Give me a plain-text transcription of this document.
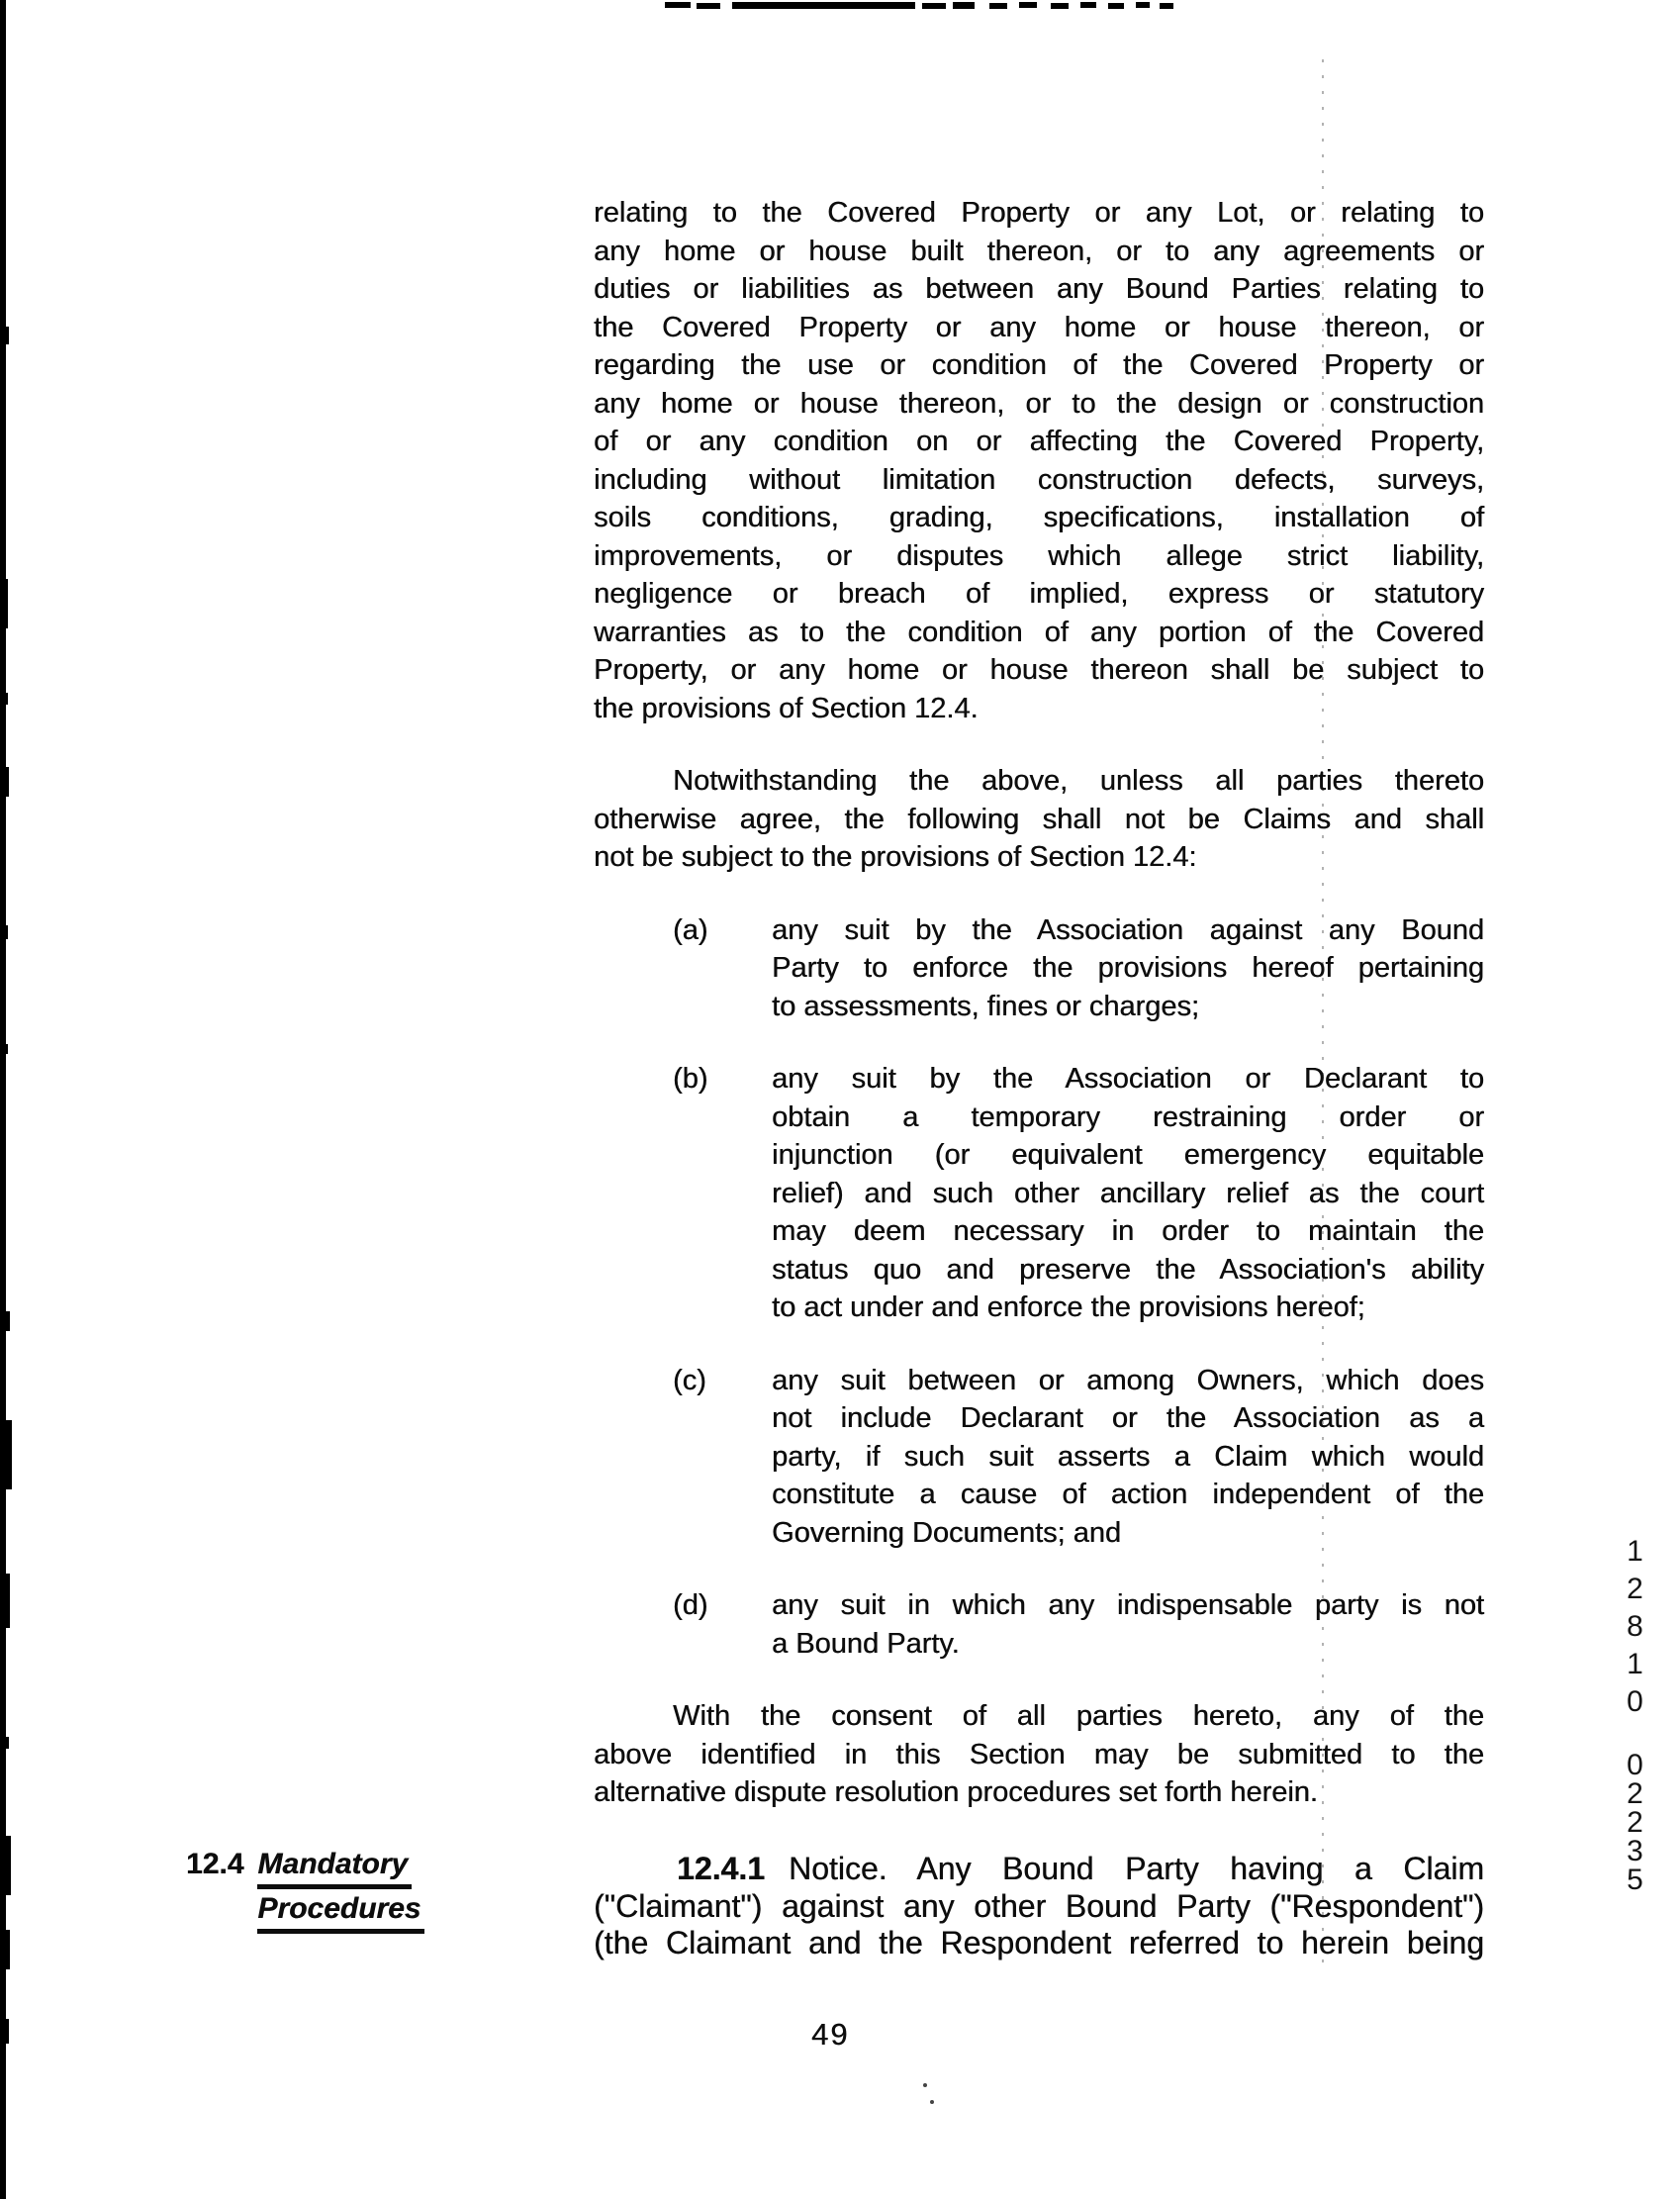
relating to the Covered Property or any Lot, or relating to
any home or house built thereon, or to any agreements or
duties or liabilities as between any Bound Parties relating to
the Covered Property or any home or house thereon, or
regarding the use or condition of the Covered Property or
any home or house thereon, or to the design or construction
of or any condition on or affecting the Covered Property,
including without limitation construction defects, surveys,
soils conditions, grading, specifications, installation of
improvements, or disputes which allege strict liability,
negligence or breach of implied, express or statutory
warranties as to the condition of any portion of the Covered
Property, or any home or house thereon shall be subject to
the provisions of Section 12.4.
Notwithstanding the above, unless all parties thereto
otherwise agree, the following shall not be Claims and shall
not be subject to the provisions of Section 12.4:
(a)	any suit by the Association against any Bound
Party to enforce the provisions hereof pertaining
to assessments, fines or charges;
(b)	any suit by the Association or Declarant to
obtain a temporary restraining order or
injunction (or equivalent emergency equitable
relief) and such other ancillary relief as the court
may deem necessary in order to maintain the
status quo and preserve the Association's ability
to act under and enforce the provisions hereof;
(c)	any suit between or among Owners, which does
not include Declarant or the Association as a
party, if such suit asserts a Claim which would
constitute a cause of action independent of the
Governing Documents; and
(d)	any suit in which any indispensable party is not
a Bound Party.
With the consent of all parties hereto, any of the
above identified in this Section may be submitted to the
alternative dispute resolution procedures set forth herein.
12.4 Mandatory
Procedures
12.4.1 Notice. Any Bound Party having a Claim
("Claimant") against any other Bound Party ("Respondent")
(the Claimant and the Respondent referred to herein being
49
12810
02235
